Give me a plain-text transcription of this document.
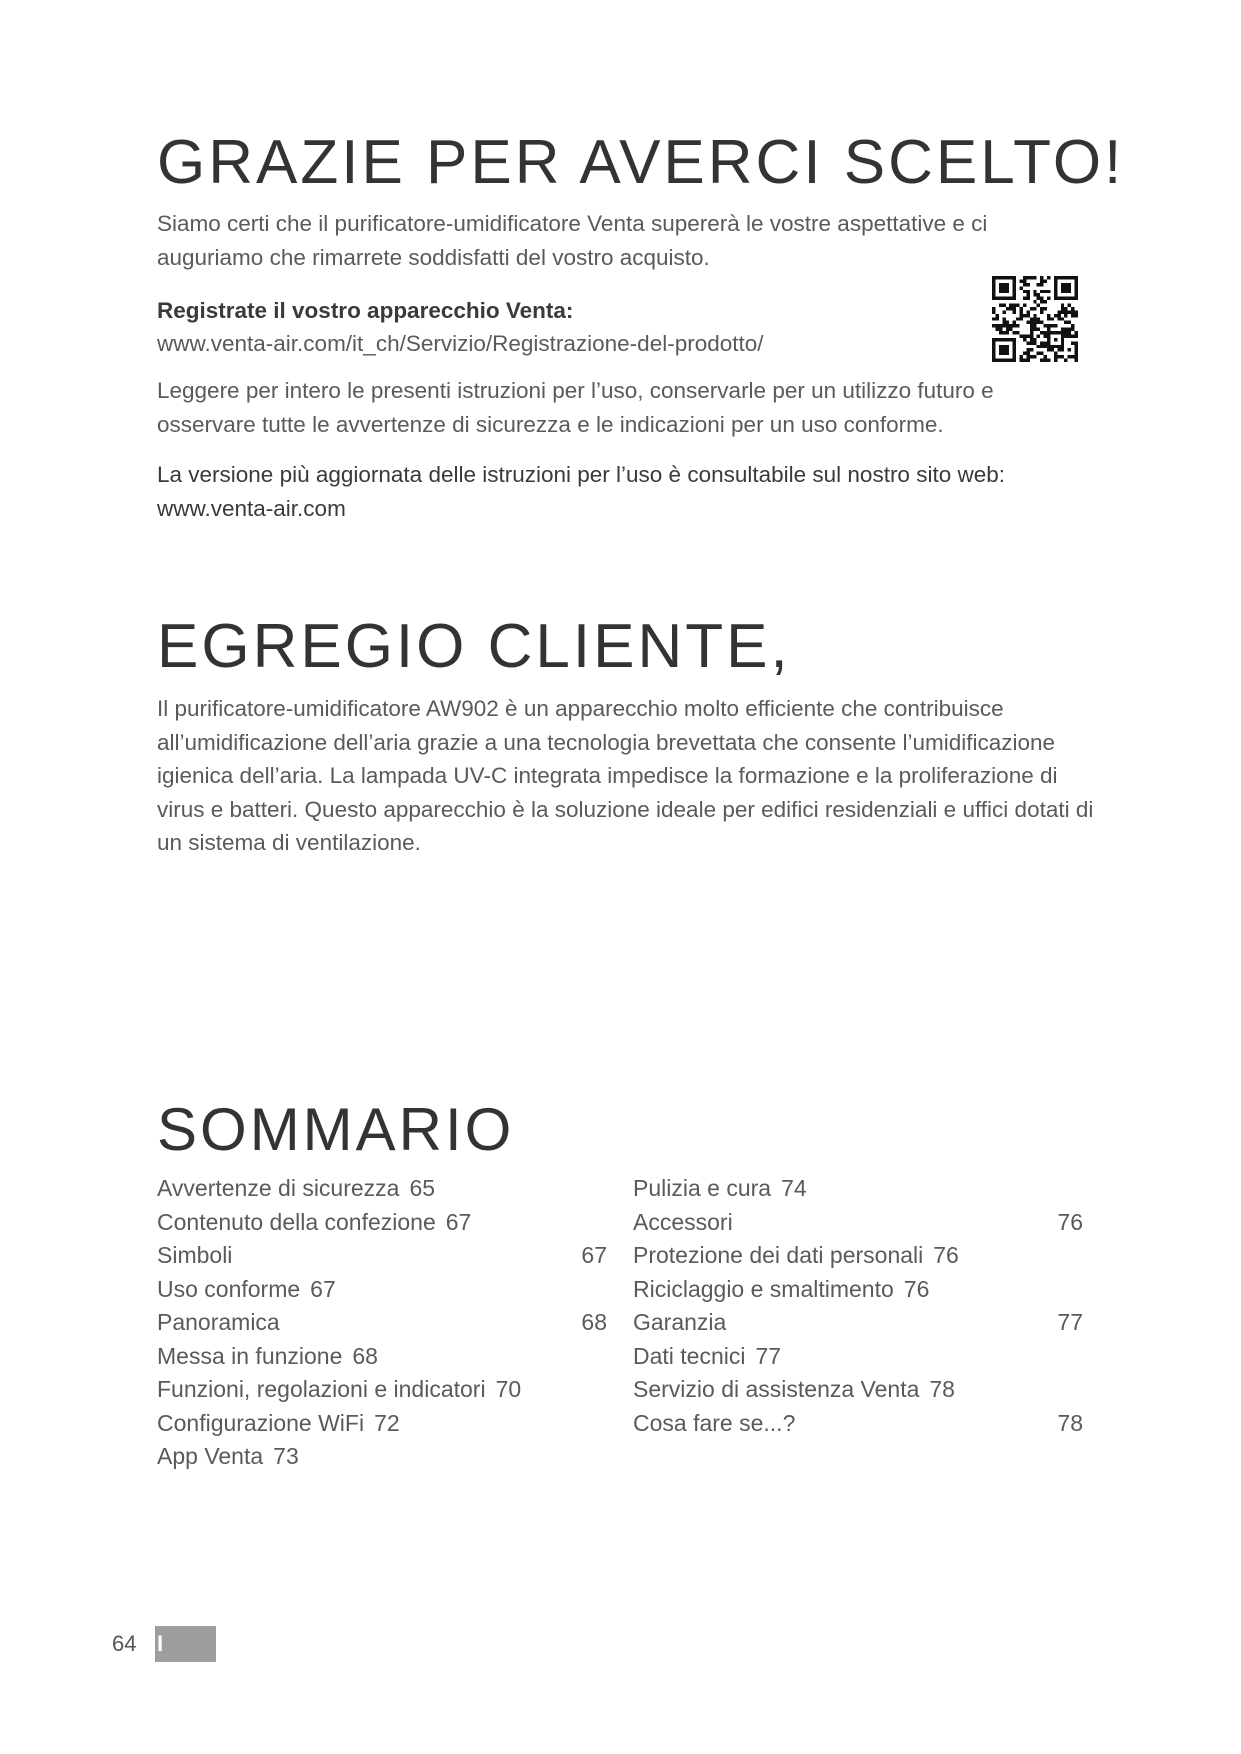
GRAZIE PER AVERCI SCELTO!

Siamo certi che il purificatore-umidificatore Venta supererà le vostre aspettative e ci auguriamo che rimarrete soddisfatti del vostro acquisto.

Registrate il vostro apparecchio Venta:

www.venta-air.com/it_ch/Servizio/Registrazione-del-prodotto/

Leggere per intero le presenti istruzioni per l’uso, conservarle per un utilizzo futuro e osservare tutte le avvertenze di sicurezza e le indicazioni per un uso conforme.

La versione più aggiornata delle istruzioni per l’uso è consultabile sul nostro sito web: www.venta-air.com

EGREGIO CLIENTE,

Il purificatore-umidificatore AW902 è un apparecchio molto efficiente che contribuisce all’umidificazione dell’aria grazie a una tecnologia brevettata che consente l’umidificazione igienica dell’aria. La lampada UV-C integrata impedisce la formazione e la proliferazione di virus e batteri. Questo apparecchio è la soluzione ideale per edifici residenziali e uffici dotati di un sistema di ventilazione.

SOMMARIO
Avvertenze di sicurezza 65
Contenuto della confezione 67
Simboli	67
Uso conforme 67
Panoramica	68
Messa in funzione 68
Funzioni, regolazioni e indicatori 70
Configurazione WiFi 72
App Venta 73
Pulizia e cura 74
Accessori	76
Protezione dei dati personali 76
Riciclaggio e smaltimento 76
Garanzia	77
Dati tecnici 77
Servizio di assistenza Venta 78
Cosa fare se...?	78
64 I
